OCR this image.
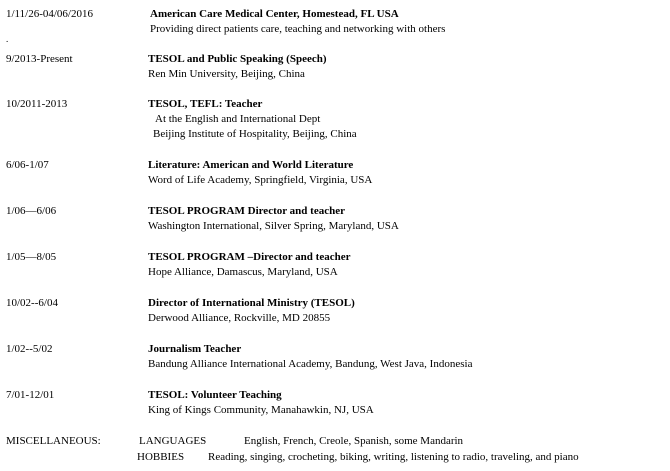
1/11/26-04/06/2016	American Care Medical Center, Homestead, FL USA
Providing direct patients care, teaching and networking with others
.
9/2013-Present	TESOL and Public Speaking (Speech)
Ren Min University, Beijing, China
10/2011-2013	TESOL, TEFL: Teacher
At the English and International Dept
Beijing Institute of Hospitality, Beijing, China
6/06-1/07	Literature: American and World Literature
Word of Life Academy, Springfield, Virginia, USA
1/06—6/06	TESOL PROGRAM Director and teacher
Washington International, Silver Spring, Maryland, USA
1/05—8/05	TESOL PROGRAM –Director and teacher
Hope Alliance, Damascus, Maryland, USA
10/02--6/04	Director of International Ministry (TESOL)
Derwood Alliance, Rockville, MD 20855
1/02--5/02	Journalism Teacher
Bandung Alliance International Academy, Bandung, West Java, Indonesia
7/01-12/01	TESOL: Volunteer Teaching
King of Kings Community, Manahawkin, NJ, USA
MISCELLANEOUS:	LANGUAGES	English, French, Creole, Spanish, some Mandarin
HOBBIES Reading, singing, crocheting, biking, writing, listening to radio, traveling, and piano
